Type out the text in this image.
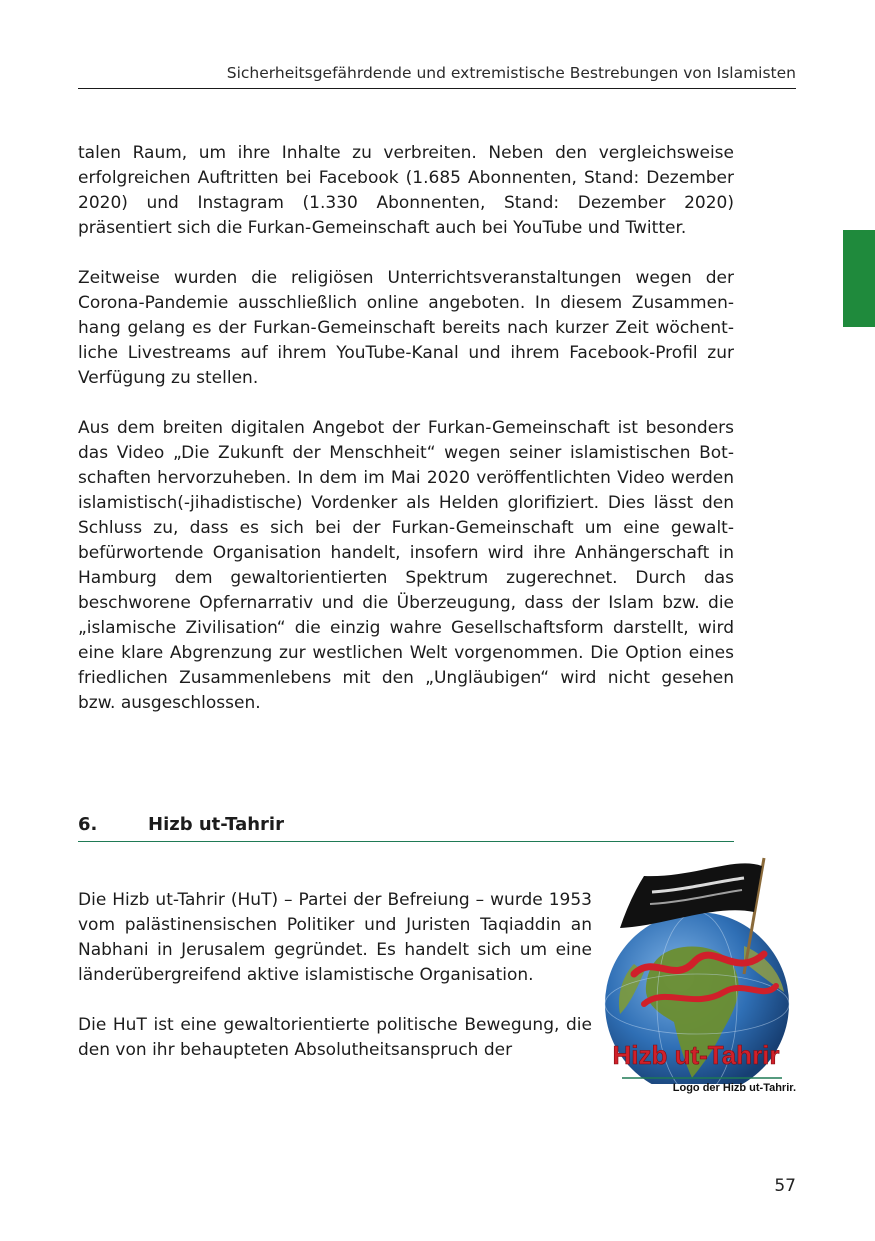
Sicherheitsgefährdende und extremistische Bestrebungen von Islamisten

talen Raum, um ihre Inhalte zu verbreiten. Neben den vergleichsweise erfolgreichen Auftritten bei Facebook (1.685 Abonnenten, Stand: Dezember 2020) und Instagram (1.330 Abonnenten, Stand: Dezember 2020) präsentiert sich die Furkan-Gemeinschaft auch bei YouTube und Twitter.

Zeitweise wurden die religiösen Unterrichtsveranstaltungen wegen der Corona-Pandemie ausschließlich online angeboten. In diesem Zusammenhang gelang es der Furkan-Gemeinschaft bereits nach kurzer Zeit wöchentliche Livestreams auf ihrem YouTube-Kanal und ihrem Facebook-Profil zur Verfügung zu stellen.

Aus dem breiten digitalen Angebot der Furkan-Gemeinschaft ist besonders das Video „Die Zukunft der Menschheit“ wegen seiner islamistischen Botschaften hervorzuheben. In dem im Mai 2020 veröffentlichten Video werden islamistisch(-jihadistische) Vordenker als Helden glorifiziert. Dies lässt den Schluss zu, dass es sich bei der Furkan-Gemeinschaft um eine gewaltbefürwortende Organisation handelt, insofern wird ihre Anhängerschaft in Hamburg dem gewaltorientierten Spektrum zugerechnet. Durch das beschworene Opfernarrativ und die Überzeugung, dass der Islam bzw. die „islamische Zivilisation“ die einzig wahre Gesellschaftsform darstellt, wird eine klare Abgrenzung zur westlichen Welt vorgenommen. Die Option eines friedlichen Zusammenlebens mit den „Ungläubigen“ wird nicht gesehen bzw. ausgeschlossen.

6.	Hizb ut-Tahrir

Die Hizb ut-Tahrir (HuT) – Partei der Befreiung – wurde 1953 vom palästinensischen Politiker und Juristen Taqiaddin an Nabhani in Jerusalem gegründet. Es handelt sich um eine länderübergreifend aktive islamistische Organisation.

Die HuT ist eine gewaltorientierte politische Bewegung, die den von ihr behaupteten Absolutheitsanspruch der	Hizb ut-Tahrir
Logo der Hizb ut-Tahrir.
57
